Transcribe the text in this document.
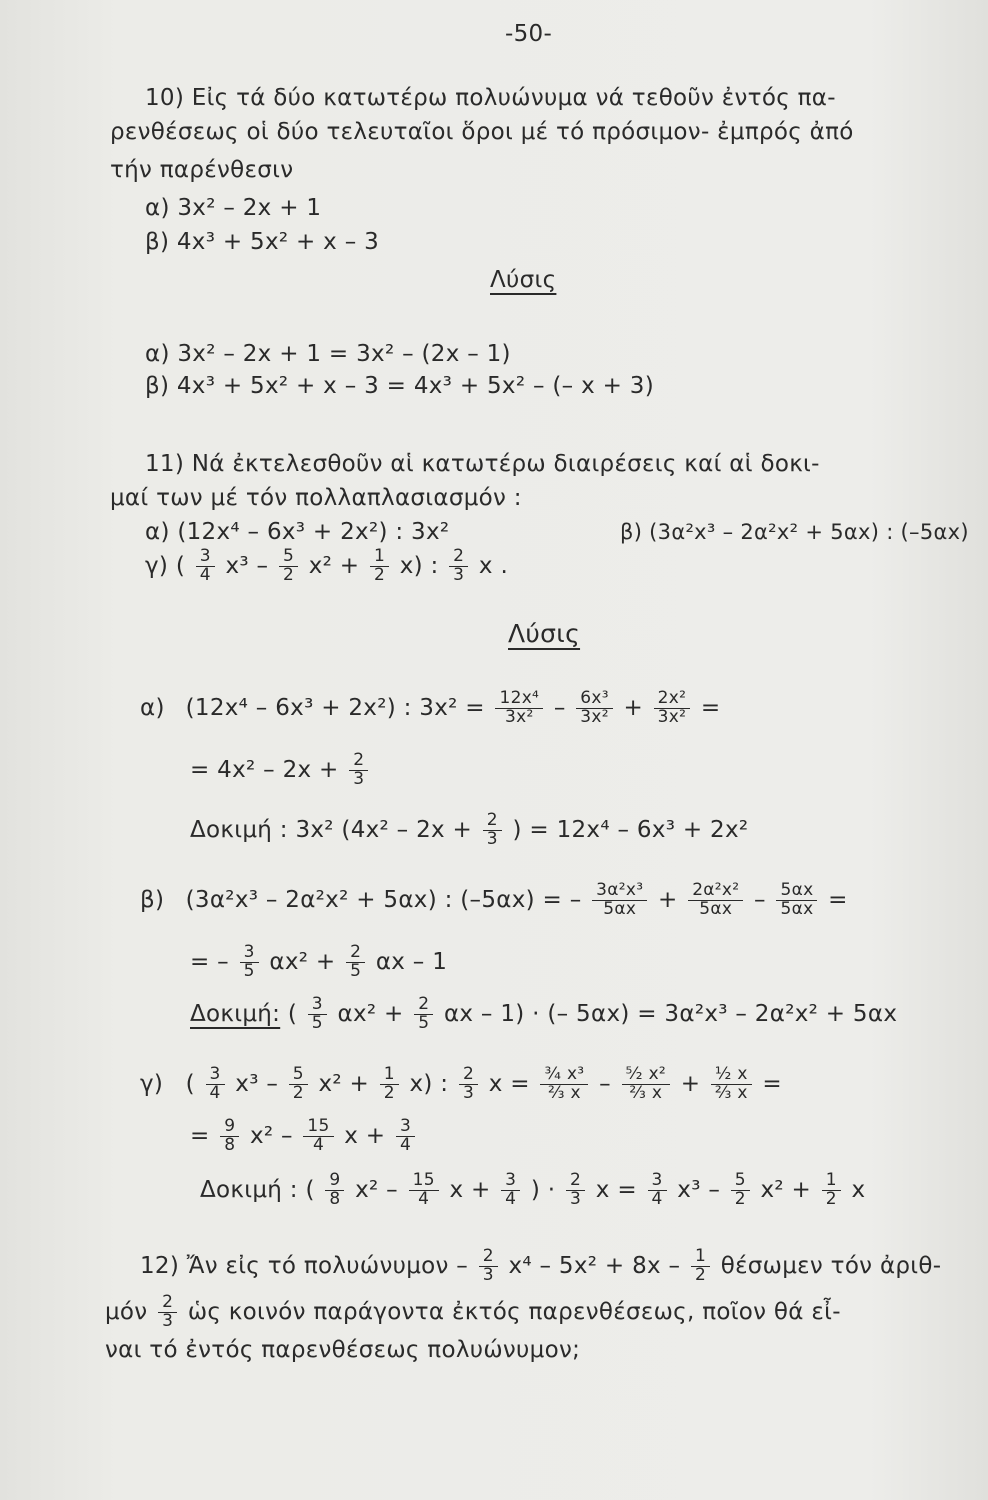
-50-
10) Εἰς τά δύο κατωτέρω πολυώνυμα νά τεθοῦν ἐντός πα-
ρενθέσεως οἱ δύο τελευταῖοι ὅροι μέ τό πρόσιμον- ἐμπρός ἀπό
τήν παρένθεσιν
α) 3x² – 2x + 1
β) 4x³ + 5x² + x – 3
Λύσις
α) 3x² – 2x + 1 = 3x² – (2x – 1)
β) 4x³ + 5x² + x – 3 = 4x³ + 5x² – (– x + 3)
11) Νά ἐκτελεσθοῦν αἱ κατωτέρω διαιρέσεις καί αἱ δοκι-
μαί των μέ τόν πολλαπλασιασμόν :
α) (12x⁴ – 6x³ + 2x²) : 3x²	β) (3α²x³ – 2α²x² + 5αx) : (–5αx)
γ) ( $\frac{3}{4} x^3 - \frac{5}{2} x^2 + \frac{1}{2} x$) : $\frac{2}{3}$ x .
Λύσις
α) (12x⁴ – 6x³ + 2x²) : $3x^2 = \frac{\text{12x⁴}}{\text{3x²}} - \frac{\text{6x³}}{\text{3x²}} + \frac{\text{2x²}}{\text{3x²}}$ =
= $4x^2 - 2x + \frac{2}{3}$
Δοκιμή : 3x² ($4x^2 - 2x + \frac{2}{3}$ ) = 12x⁴ – 6x³ + 2x²
β) (3α²x³ – 2α²x² + 5αx) : (–5αx) = – $\frac{\text{3α²x³}}{5\alpha x} + \frac{\text{2α²x²}}{5\alpha x} - \frac{5\alpha x}{5\alpha x}$ =
= – $\frac{3}{5} \alpha x^2 + \frac{2}{5}$ αx – 1
Δοκιμή: ( $\frac{3}{5} \alpha x^2 + \frac{2}{5}$ αx – 1) · (– 5αx) = 3α²x³ – 2α²x² + 5αx
γ) ( $\frac{3}{4} x^3 - \frac{5}{2} x^2 + \frac{1}{2} x$) : $\frac{2}{3}$ $x = \frac{\text{¾ x³}}{\text{⅔ x}} - \frac{\text{⁵⁄₂ x²}}{\text{⅔ x}} + \frac{\text{½ x}}{\text{⅔ x}}$ =
= $\frac{9}{8} x^2 - \frac{15}{4}$ $x + \frac{3}{4}$
Δοκιμή : ( $\frac{9}{8} x^2 - \frac{15}{4}$ $x + \frac{3}{4}$ ) · $\frac{2}{3}$ $x = \frac{3}{4} x^3 - \frac{5}{2} x^2 + \frac{1}{2}$ x
12) Ἄν εἰς τό $\pi o\lambda\upsilon ώ\nu\upsilon\mu o\nu - \frac{2}{3} x^4 - 5x^2 + 8x - \frac{1}{2}$ θέσωμεν τόν ἀριθ-
μόν $\frac{2}{3}$ ὡς κοινόν παράγοντα ἐκτός παρενθέσεως, ποῖον θά εἶ-
ναι τό ἐντός παρενθέσεως πολυώνυμον;
